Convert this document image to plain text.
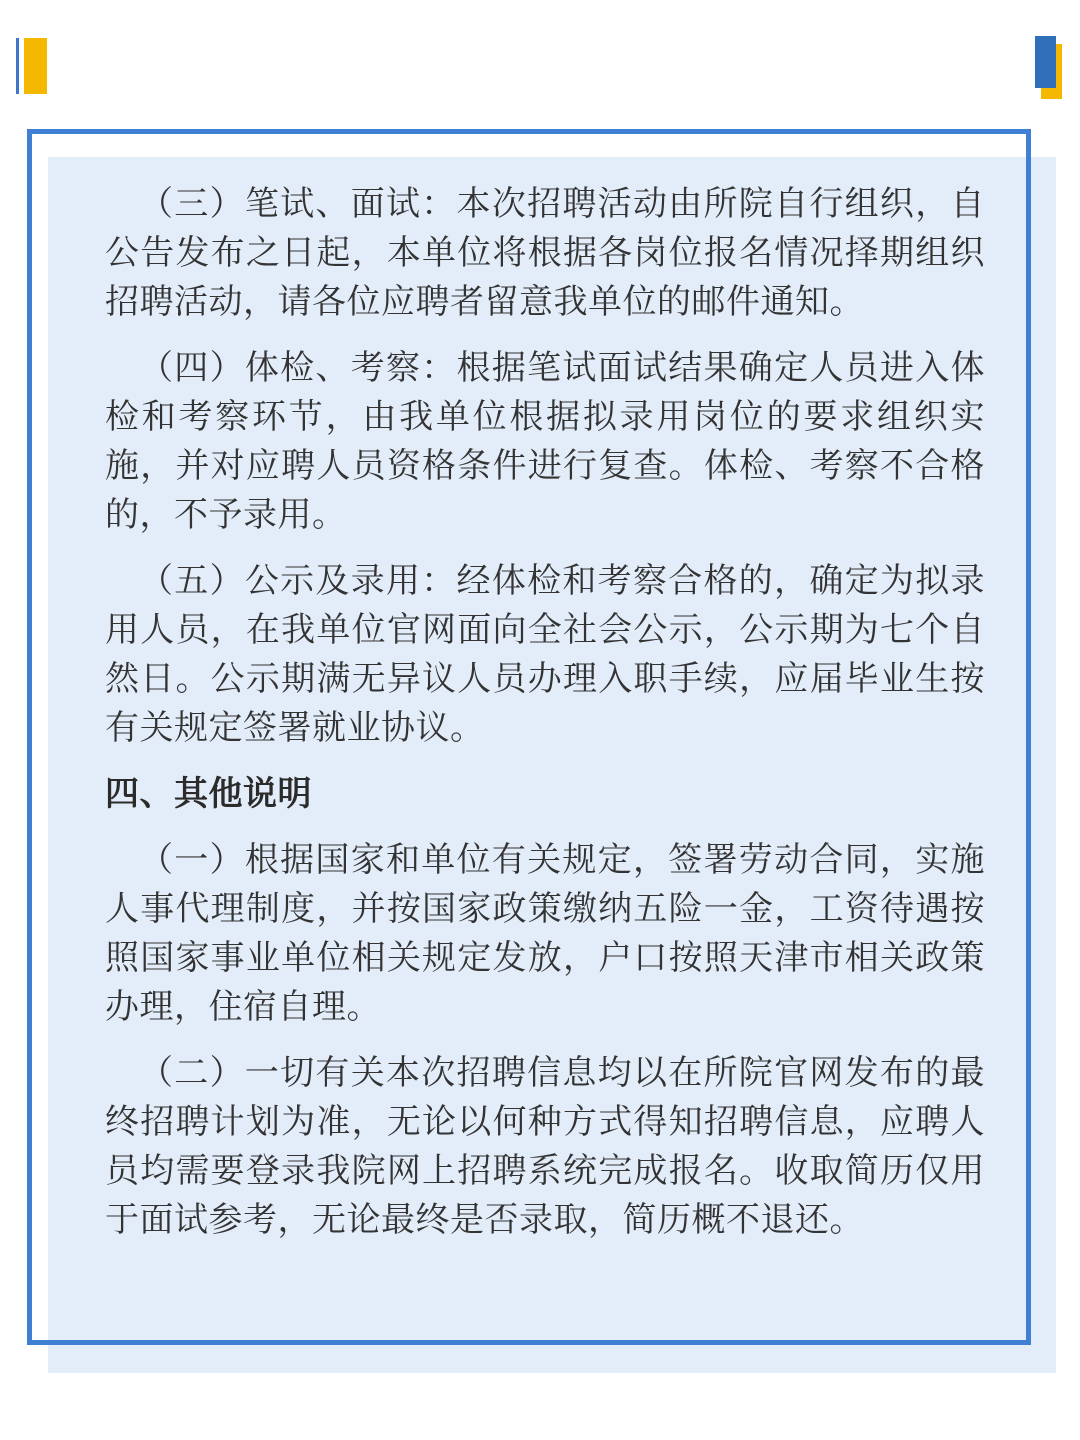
（三）笔试、面试：本次招聘活动由所院自行组织，自公告发布之日起，本单位将根据各岗位报名情况择期组织招聘活动，请各位应聘者留意我单位的邮件通知。

（四）体检、考察：根据笔试面试结果确定人员进入体检和考察环节，由我单位根据拟录用岗位的要求组织实施，并对应聘人员资格条件进行复查。体检、考察不合格的，不予录用。

（五）公示及录用：经体检和考察合格的，确定为拟录用人员，在我单位官网面向全社会公示，公示期为七个自然日。公示期满无异议人员办理入职手续，应届毕业生按有关规定签署就业协议。

四、其他说明

（一）根据国家和单位有关规定，签署劳动合同，实施人事代理制度，并按国家政策缴纳五险一金，工资待遇按照国家事业单位相关规定发放，户口按照天津市相关政策办理，住宿自理。

（二）一切有关本次招聘信息均以在所院官网发布的最终招聘计划为准，无论以何种方式得知招聘信息，应聘人员均需要登录我院网上招聘系统完成报名。收取简历仅用于面试参考，无论最终是否录取，简历概不退还。
